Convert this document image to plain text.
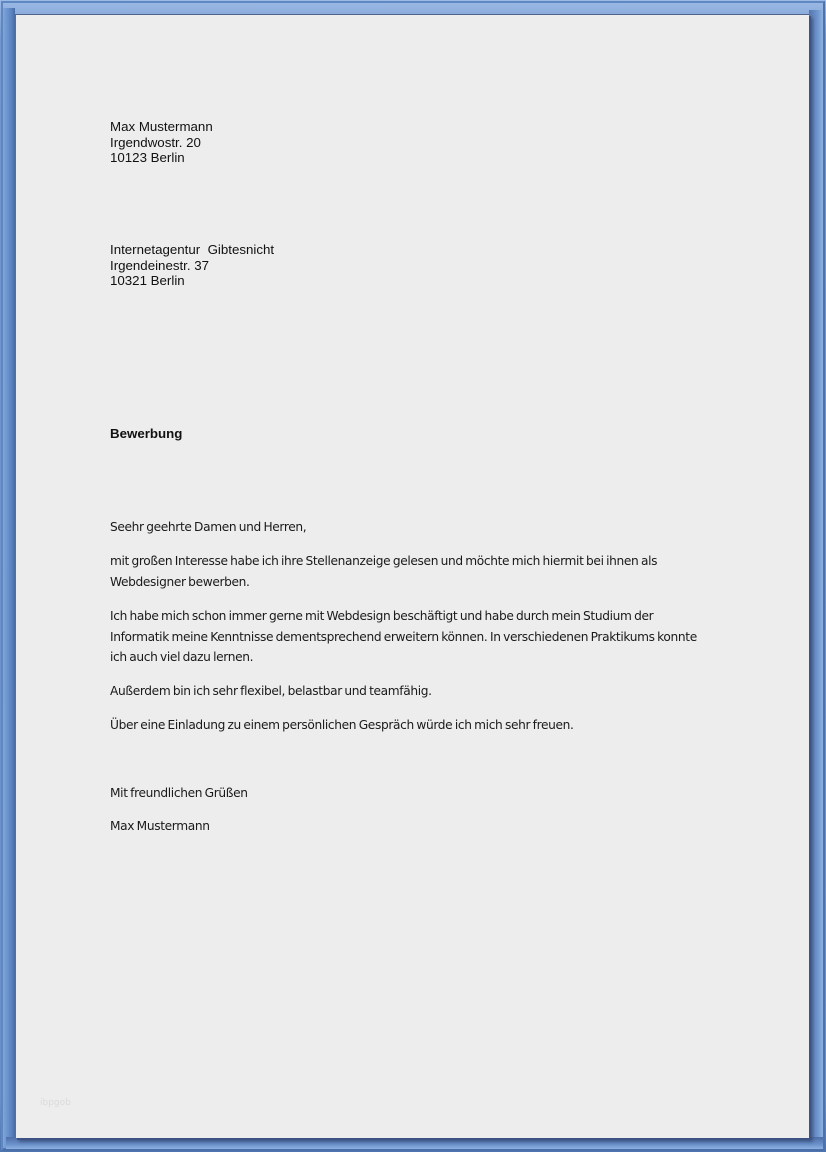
Max Mustermann
Irgendwostr. 20
10123 Berlin
Internetagentur  Gibtesnicht
Irgendeinestr. 37
10321 Berlin
Bewerbung
Seehr geehrte Damen und Herren,
mit großen Interesse habe ich ihre Stellenanzeige gelesen und möchte mich hiermit bei ihnen als Webdesigner bewerben.
Ich habe mich schon immer gerne mit Webdesign beschäftigt und habe durch mein Studium der Informatik meine Kenntnisse dementsprechend erweitern können. In verschiedenen Praktikums konnte ich auch viel dazu lernen.
Außerdem bin ich sehr flexibel, belastbar und teamfähig.
Über eine Einladung zu einem persönlichen Gespräch würde ich mich sehr freuen.
Mit freundlichen Grüßen
Max Mustermann
ibpgob
